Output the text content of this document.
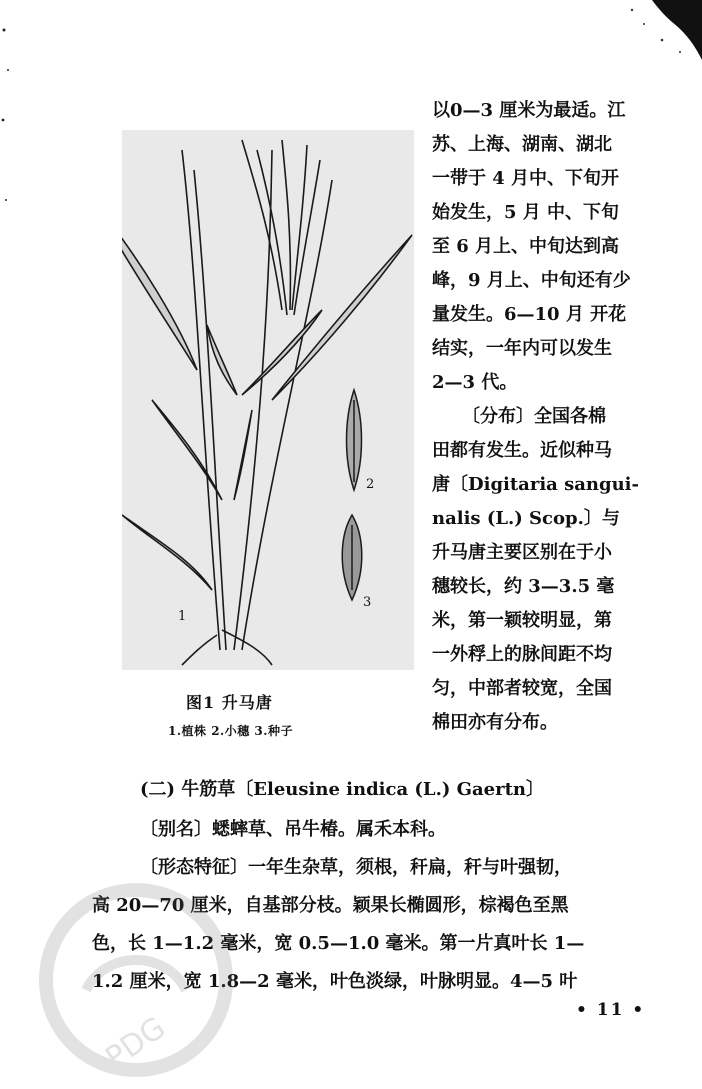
1
2
3
图1 升马唐
1.植株 2.小穗 3.种子
以0—3 厘米为最适。江
苏、上海、湖南、湖北
一带于 4 月中、下旬开
始发生，5 月 中、下旬
至 6 月上、中旬达到高
峰，9 月上、中旬还有少
量发生。6—10 月 开花
结实，一年内可以发生
2—3 代。
〔分布〕全国各棉
田都有发生。近似种马
唐〔Digitaria sangui-
nalis (L.) Scop.〕与
升马唐主要区别在于小
穗较长，约 3—3.5 毫
米，第一颖较明显，第
一外稃上的脉间距不均
匀，中部者较宽，全国
棉田亦有分布。
(二) 牛筋草〔Eleusine indica (L.) Gaertn〕
〔别名〕蟋蟀草、吊牛椿。属禾本科。
〔形态特征〕一年生杂草，须根，秆扁，秆与叶强韧，
高 20—70 厘米，自基部分枝。颖果长椭圆形，棕褐色至黑
色，长 1—1.2 毫米，宽 0.5—1.0 毫米。第一片真叶长 1—
1.2 厘米，宽 1.8—2 毫米，叶色淡绿，叶脉明显。4—5 叶
• 11 •
PDG
